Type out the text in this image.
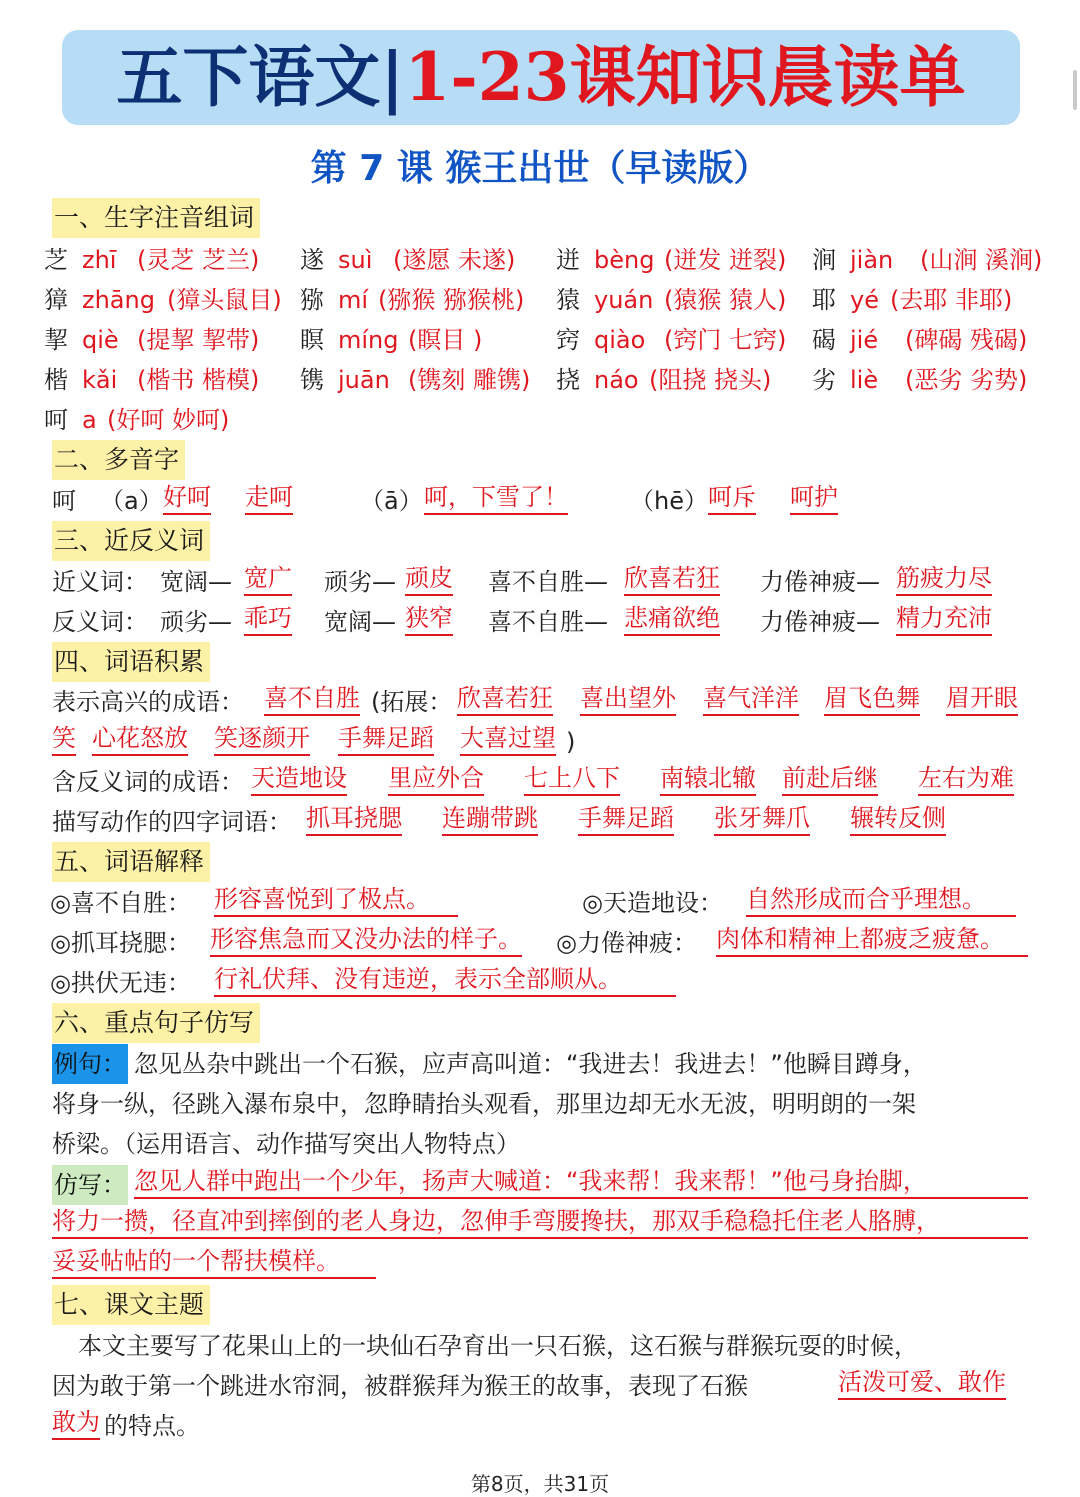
五下语文|1-23课知识晨读单
第 7 课 猴王出世（早读版）
一、生字注音组词
芝 zhī (灵芝 芝兰) 遂 suì (遂愿 未遂) 迸 bèng (迸发 迸裂) 涧 jiàn (山涧 溪涧)
獐 zhāng (獐头鼠目) 猕 mí (猕猴 猕猴桃) 猿 yuán (猿猴 猿人) 耶 yé (去耶 非耶)
挈 qiè (提挈 挈带) 瞑 míng (瞑目 )	窍 qiào (窍门 七窍) 碣 jié (碑碣 残碣)
楷 kǎi (楷书 楷模) 镌 juān (镌刻 雕镌) 挠 náo (阻挠 挠头) 劣 liè (恶劣 劣势)
呵 a (好呵 妙呵)
二、多音字
呵 （a） 好呵 走呵	（ā） 呵，下雪了！	（hē） 呵斥 呵护
三、近反义词
近义词： 宽阔— 宽广 顽劣— 顽皮 喜不自胜— 欣喜若狂 力倦神疲— 筋疲力尽
反义词： 顽劣— 乖巧 宽阔— 狭窄 喜不自胜— 悲痛欲绝 力倦神疲— 精力充沛
四、词语积累
表示高兴的成语： 喜不自胜 (拓展： 欣喜若狂 喜出望外 喜气洋洋 眉飞色舞
笑 心花怒放 笑逐颜开 手舞足蹈 大喜过望 )
眉开眼
含反义词的成语： 天造地设 里应外合 七上八下 南辕北辙 前赴后继 左右为难
描写动作的四字词语： 抓耳挠腮 连蹦带跳 手舞足蹈 张牙舞爪 辗转反侧
五、词语解释
◎喜不自胜： 形容喜悦到了极点。	◎天造地设： 自然形成而合乎理想。
◎抓耳挠腮： 形容焦急而又没办法的样子。 ◎力倦神疲： 肉体和精神上都疲乏疲惫。
◎拱伏无违： 行礼伏拜、没有违逆，表示全部顺从。
六、重点句子仿写
例句： 忽见丛杂中跳出一个石猴，应声高叫道：“我进去！我进去！”他瞬目蹲身，
将身一纵，径跳入瀑布泉中，忽睁睛抬头观看，那里边却无水无波，明明朗的一架
桥梁。（运用语言、动作描写突出人物特点）
仿写： 忽见人群中跑出一个少年，扬声大喊道：“我来帮！我来帮！”他弓身抬脚，
将力一攒，径直冲到摔倒的老人身边，忽伸手弯腰搀扶，那双手稳稳托住老人胳膊，
妥妥帖帖的一个帮扶模样。
七、课文主题
本文主要写了花果山上的一块仙石孕育出一只石猴，这石猴与群猴玩耍的时候，
因为敢于第一个跳进水帘洞，被群猴拜为猴王的故事，表现了石猴	活泼可爱、敢作
敢为 的特点。
第8页，共31页
